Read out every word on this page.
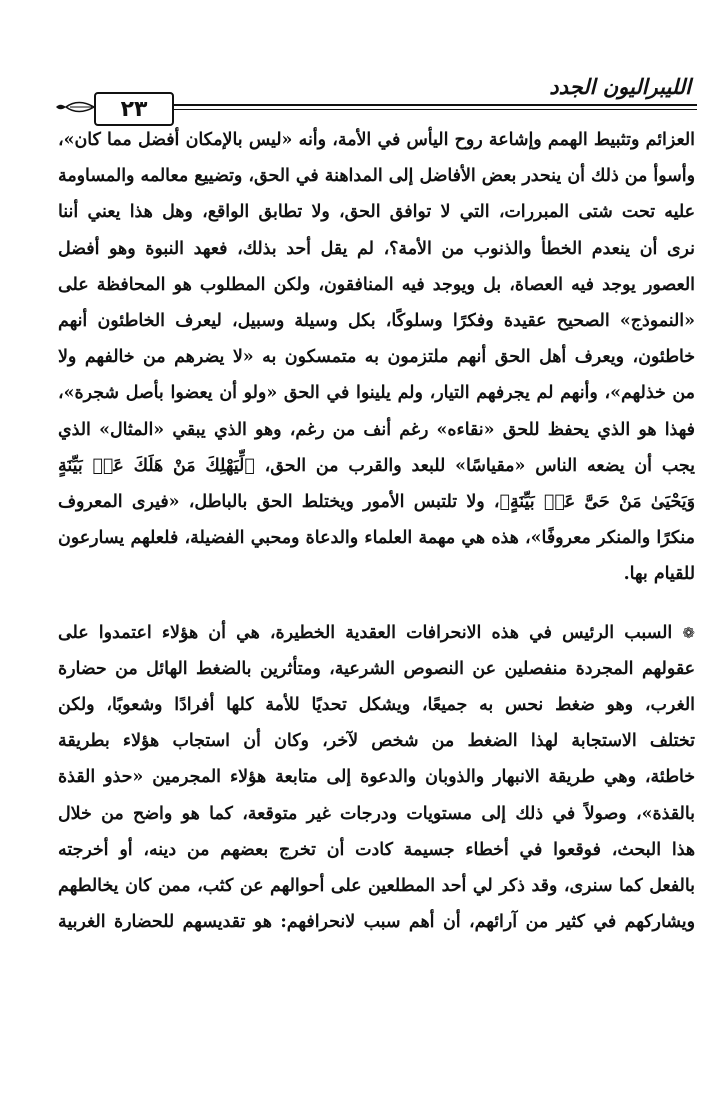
الليبراليون الجدد
٢٣
العزائم وتثبيط الهمم وإشاعة روح اليأس في الأمة، وأنه «ليس بالإمكان أفضل مما كان»،
وأسوأ من ذلك أن ينحدر بعض الأفاضل إلى المداهنة في الحق، وتضييع معالمه والمساومة
عليه تحت شتى المبررات، التي لا توافق الحق، ولا تطابق الواقع، وهل هذا يعني أننا
نرى أن ينعدم الخطأ والذنوب من الأمة؟، لم يقل أحد بذلك، فعهد النبوة وهو أفضل
العصور يوجد فيه العصاة، بل ويوجد فيه المنافقون، ولكن المطلوب هو المحافظة على
«النموذج» الصحيح عقيدة وفكرًا وسلوكًا، بكل وسيلة وسبيل، ليعرف الخاطئون أنهم
خاطئون، ويعرف أهل الحق أنهم ملتزمون به متمسكون به «لا يضرهم من خالفهم ولا
من خذلهم»، وأنهم لم يجرفهم التيار، ولم يلينوا في الحق «ولو أن يعضوا بأصل شجرة»،
فهذا هو الذي يحفظ للحق «نقاءه» رغم أنف من رغم، وهو الذي يبقي «المثال» الذي
يجب أن يضعه الناس «مقياسًا» للبعد والقرب من الحق، ﴿لِّيَهْلِكَ مَنْ هَلَكَ عَنۢ بَيِّنَةٍ
وَيَحْيَىٰ مَنْ حَىَّ عَنۢ بَيِّنَةٍ﴾، ولا تلتبس الأمور ويختلط الحق بالباطل، «فيرى المعروف
منكرًا والمنكر معروفًا»، هذه هي مهمة العلماء والدعاة ومحبي الفضيلة، فلعلهم يسارعون
للقيام بها.
❁ السبب الرئيس في هذه الانحرافات العقدية الخطيرة، هي أن هؤلاء اعتمدوا على
عقولهم المجردة منفصلين عن النصوص الشرعية، ومتأثرين بالضغط الهائل من حضارة
الغرب، وهو ضغط نحس به جميعًا، ويشكل تحديًا للأمة كلها أفرادًا وشعوبًا، ولكن
تختلف الاستجابة لهذا الضغط من شخص لآخر، وكان أن استجاب هؤلاء بطريقة
خاطئة، وهي طريقة الانبهار والذوبان والدعوة إلى متابعة هؤلاء المجرمين «حذو القذة
بالقذة»، وصولاً في ذلك إلى مستويات ودرجات غير متوقعة، كما هو واضح من خلال
هذا البحث، فوقعوا في أخطاء جسيمة كادت أن تخرج بعضهم من دينه، أو أخرجته
بالفعل كما سنرى، وقد ذكر لي أحد المطلعين على أحوالهم عن كثب، ممن كان يخالطهم
ويشاركهم في كثير من آرائهم، أن أهم سبب لانحرافهم: هو تقديسهم للحضارة الغربية
